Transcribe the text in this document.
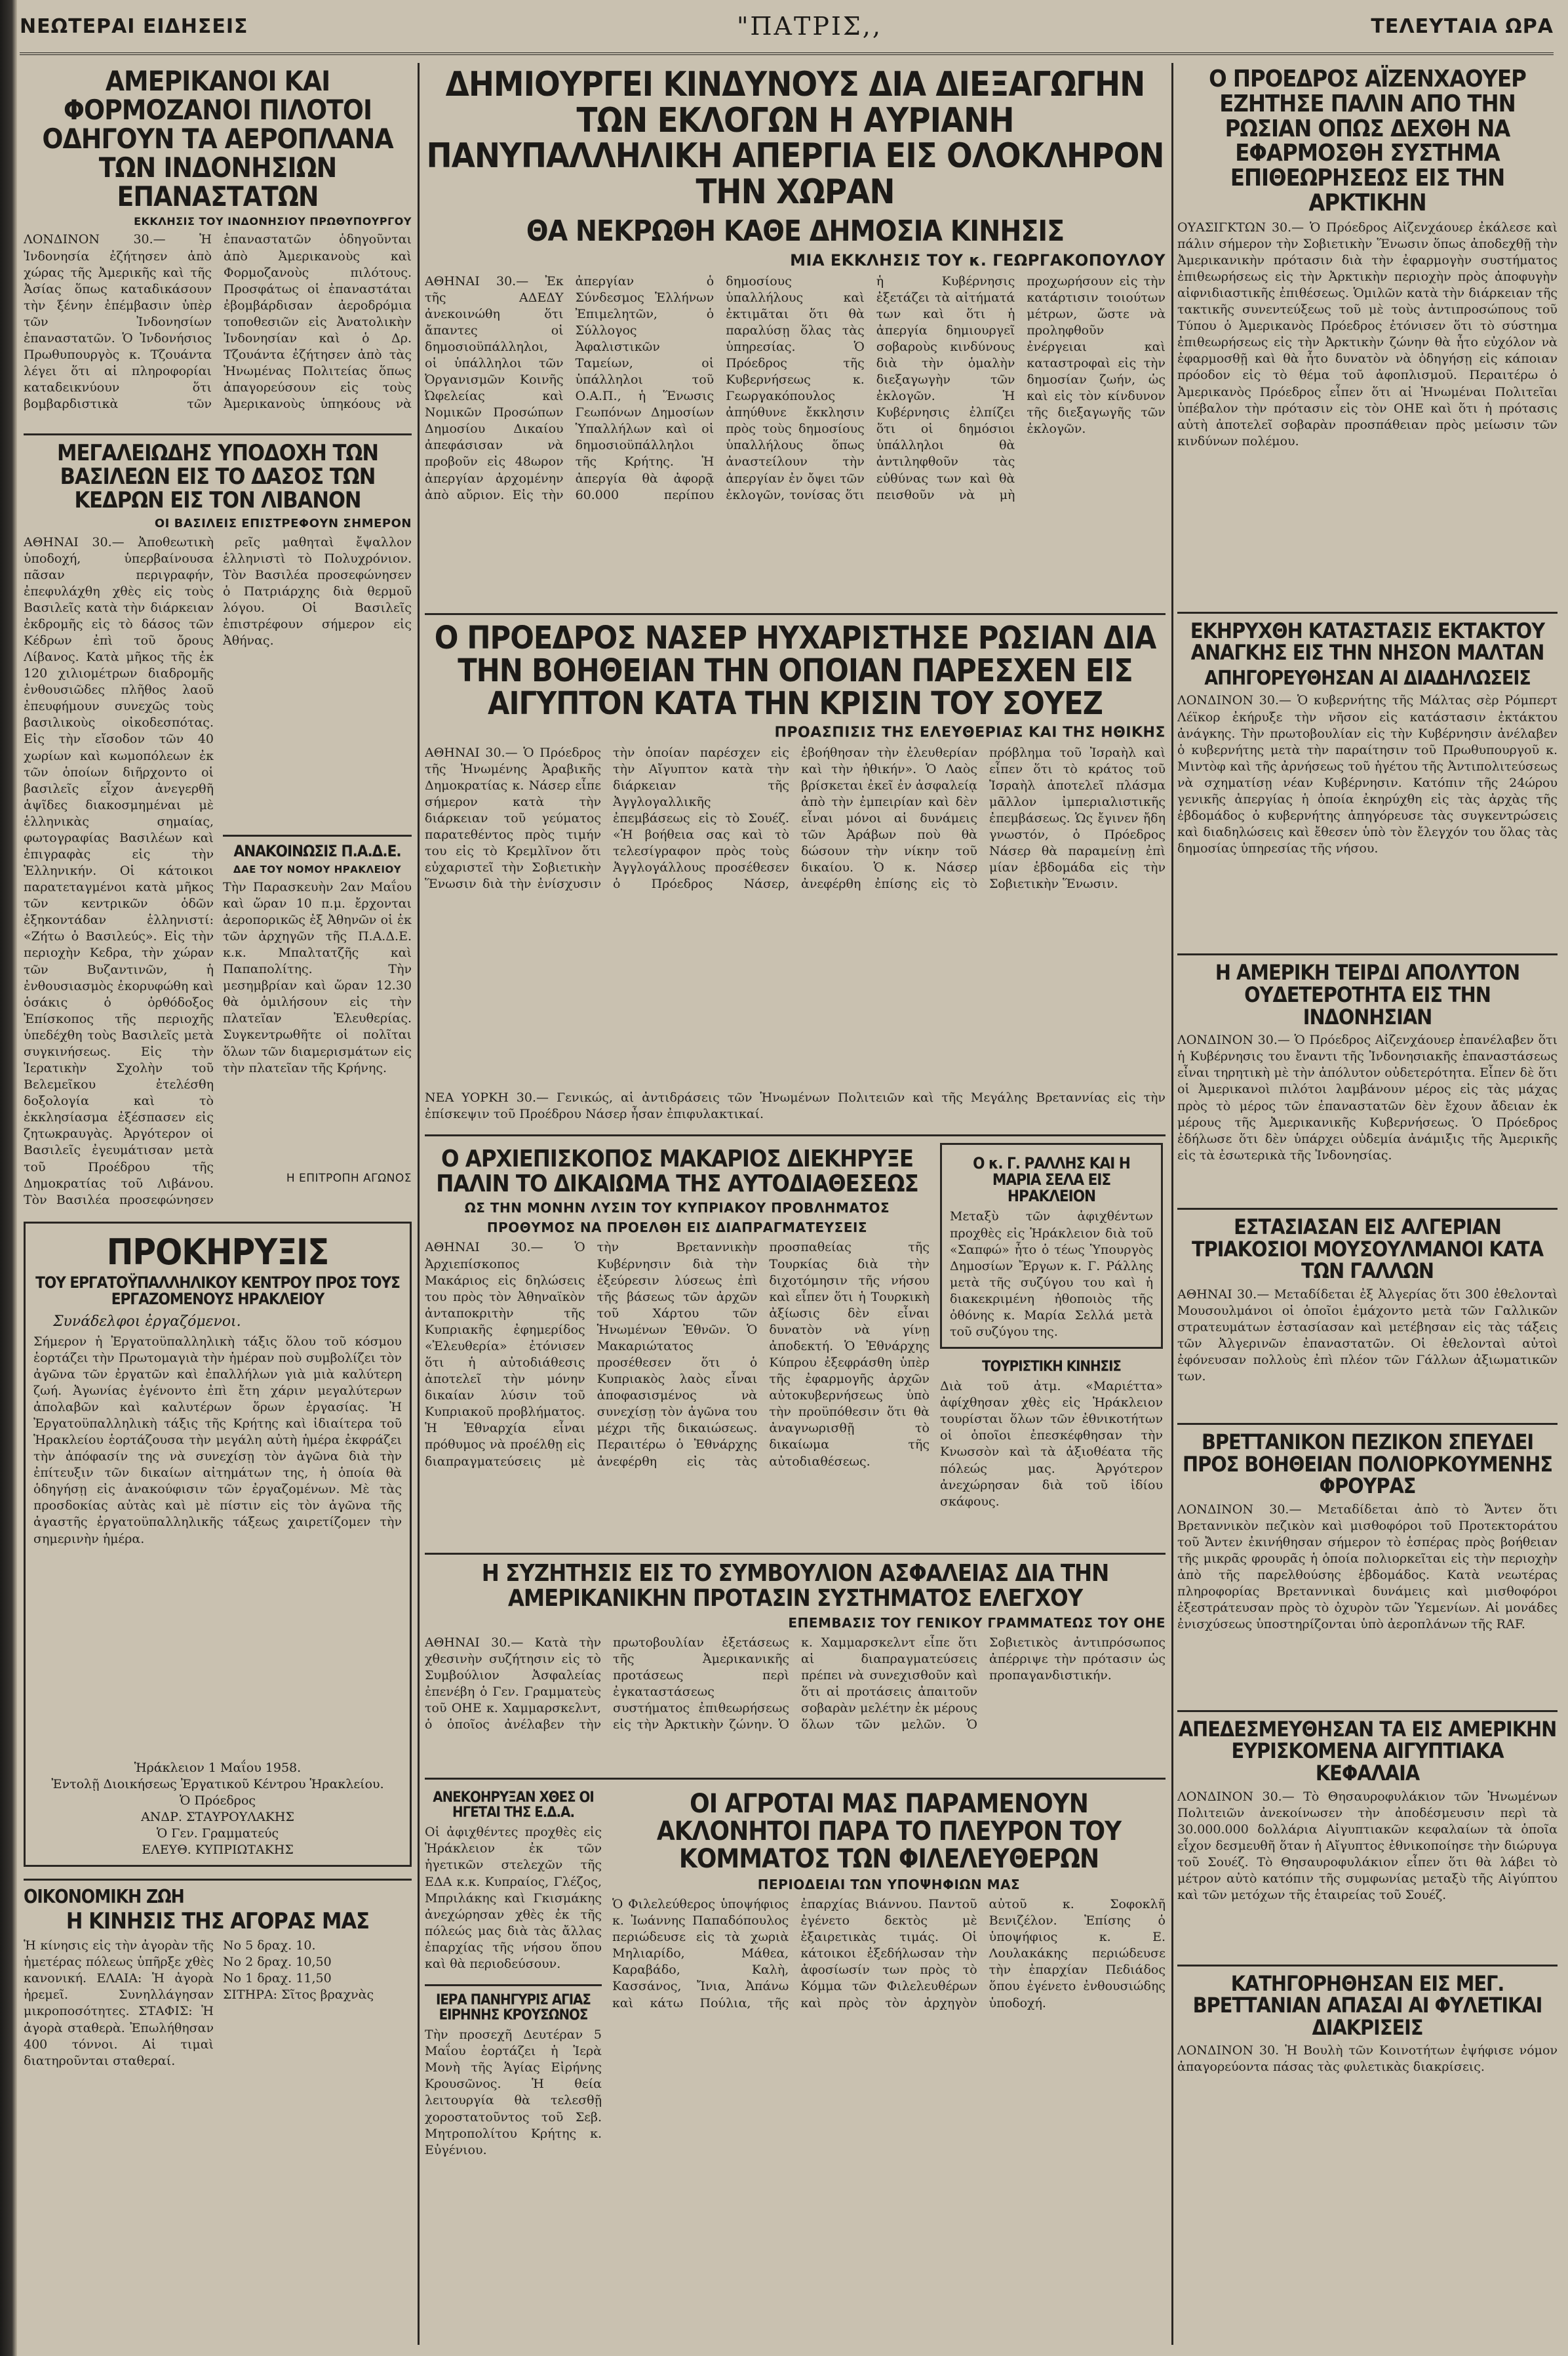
ΝΕΩΤΕΡΑΙ ΕΙΔΗΣΕΙΣ	"ΠΑΤΡΙΣ,,	ΤΕΛΕΥΤΑΙΑ ΩΡΑ
ΑΜΕΡΙΚΑΝΟΙ ΚΑΙ ΦΟΡΜΟΖΑΝΟΙ ΠΙΛΟΤΟΙ ΟΔΗΓΟΥΝ ΤΑ ΑΕΡΟΠΛΑΝΑ ΤΩΝ ΙΝΔΟΝΗΣΙΩΝ ΕΠΑΝΑΣΤΑΤΩΝ
ΕΚΚΛΗΣΙΣ ΤΟΥ ΙΝΔΟΝΗΣΙΟΥ ΠΡΩΘΥΠΟΥΡΓΟΥ
ΛΟΝΔΙΝΟΝ 30.— Ἡ Ἰνδονησία ἐζήτησεν ἀπὸ χώρας τῆς Ἀμερικῆς καὶ τῆς Ἀσίας ὅπως καταδικάσουν τὴν ξένην ἐπέμβασιν ὑπὲρ τῶν Ἰνδονησίων ἐπαναστατῶν. Ὁ Ἰνδονήσιος Πρωθυπουργὸς κ. Τζουάντα λέγει ὅτι αἱ πληροφορίαι καταδεικνύουν ὅτι βομβαρδιστικὰ τῶν ἐπαναστατῶν ὁδηγοῦνται ἀπὸ Ἀμερικανοὺς καὶ Φορμοζανοὺς πιλότους. Προσφάτως οἱ ἐπαναστάται ἐβομβάρδισαν ἀεροδρόμια τοποθεσιῶν εἰς Ἀνατολικὴν Ἰνδονησίαν καὶ ὁ Δρ. Τζουάντα ἐζήτησεν ἀπὸ τὰς Ἡνωμένας Πολιτείας ὅπως ἀπαγορεύσουν εἰς τοὺς Ἀμερικανοὺς ὑπηκόους νὰ
ΜΕΓΑΛΕΙΩΔΗΣ ΥΠΟΔΟΧΗ ΤΩΝ ΒΑΣΙΛΕΩΝ ΕΙΣ ΤΟ ΔΑΣΟΣ ΤΩΝ ΚΕΔΡΩΝ ΕΙΣ ΤΟΝ ΛΙΒΑΝΟΝ
ΟΙ ΒΑΣΙΛΕΙΣ ΕΠΙΣΤΡΕΦΟΥΝ ΣΗΜΕΡΟΝ
ΑΘΗΝΑΙ 30.— Ἀποθεωτικὴ ὑποδοχή, ὑπερβαίνουσα πᾶσαν περιγραφήν, ἐπεφυλάχθη χθὲς εἰς τοὺς Βασιλεῖς κατὰ τὴν διάρκειαν ἐκδρομῆς εἰς τὸ δάσος τῶν Κέδρων ἐπὶ τοῦ ὄρους Λίβανος. Κατὰ μῆκος τῆς ἐκ 120 χιλιομέτρων διαδρομῆς ἐνθουσιῶδες πλῆθος λαοῦ ἐπευφήμουν συνεχῶς τοὺς βασιλικοὺς οἰκοδεσπότας. Εἰς τὴν εἴσοδον τῶν 40 χωρίων καὶ κωμοπόλεων ἐκ τῶν ὁποίων διῆρχοντο οἱ βασιλεῖς εἶχον ἀνεγερθῆ ἁψῖδες διακοσμημέναι μὲ ἑλληνικὰς σημαίας, φωτογραφίας Βασιλέων καὶ ἐπιγραφὰς εἰς τὴν Ἑλληνικήν. Οἱ κάτοικοι παρατεταγμένοι κατὰ μῆκος τῶν κεντρικῶν ὁδῶν ἐξηκοντάδαν ἑλληνιστί: «Ζήτω ὁ Βασιλεύς». Εἰς τὴν περιοχὴν Κεδρα, τὴν χώραν τῶν Βυζαντινῶν, ἡ ἐνθουσιασμὸς ἐκορυφώθη καὶ ὁσάκις ὁ ὀρθόδοξος Ἐπίσκοπος τῆς περιοχῆς ὑπεδέχθη τοὺς Βασιλεῖς μετὰ συγκινήσεως. Εἰς τὴν Ἱερατικὴν Σχολὴν τοῦ Βελεμεῖκου ἐτελέσθη δοξολογία καὶ τὸ ἐκκλησίασμα ἐξέσπασεν εἰς ζητωκραυγὰς. Ἀργότερον οἱ Βασιλεῖς ἐγευμάτισαν μετὰ τοῦ Προέδρου τῆς Δημοκρατίας τοῦ Λιβάνου. Τὸν Βασιλέα προσεφώνησεν

ρεῖς μαθηταὶ ἔψαλλον ἑλληνιστὶ τὸ Πολυχρόνιον. Τὸν Βασιλέα προσεφώνησεν ὁ Πατριάρχης διὰ θερμοῦ λόγου. Οἱ Βασιλεῖς ἐπιστρέφουν σήμερον εἰς Ἀθήνας.

ΑΝΑΚΟΙΝΩΣΙΣ Π.Α.Δ.Ε.
ΔΑΕ ΤΟΥ ΝΟΜΟΥ ΗΡΑΚΛΕΙΟΥ
Τὴν Παρασκευὴν 2αν Μαΐου καὶ ὥραν 10 π.μ. ἔρχονται ἀεροπορικῶς ἐξ Ἀθηνῶν οἱ ἐκ τῶν ἀρχηγῶν τῆς Π.Α.Δ.Ε. κ.κ. Μπαλτατζῆς καὶ Παπαπολίτης. Τὴν μεσημβρίαν καὶ ὥραν 12.30 θὰ ὁμιλήσουν εἰς τὴν πλατεῖαν Ἐλευθερίας. Συγκεντρωθῆτε οἱ πολῖται ὅλων τῶν διαμερισμάτων εἰς τὴν πλατεῖαν τῆς Κρήνης.
Η ΕΠΙΤΡΟΠΗ ΑΓΩΝΟΣ
ΠΡΟΚΗΡΥΞΙΣ
ΤΟΥ ΕΡΓΑΤΟΫΠΑΛΛΗΛΙΚΟΥ ΚΕΝΤΡΟΥ ΠΡΟΣ ΤΟΥΣ ΕΡΓΑΖΟΜΕΝΟΥΣ ΗΡΑΚΛΕΙΟΥ
Συνάδελφοι ἐργαζόμενοι.
Σήμερον ἡ Ἐργατοϋπαλληλικὴ τάξις ὅλου τοῦ κόσμου ἑορτάζει τὴν Πρωτομαγιὰ τὴν ἡμέραν ποὺ συμβολίζει τὸν ἀγῶνα τῶν ἐργατῶν καὶ ἐπαλλήλων γιὰ μιὰ καλύτερη ζωή. Ἀγωνίας ἐγένοντο ἐπὶ ἔτη χάριν μεγαλύτερων ἀπολαβῶν καὶ καλυτέρων ὅρων ἐργασίας. Ἡ Ἐργατοϋπαλληλικὴ τάξις τῆς Κρήτης καὶ ἰδιαίτερα τοῦ Ἡρακλείου ἑορτάζουσα τὴν μεγάλη αὐτὴ ἡμέρα ἐκφράζει τὴν ἀπόφασίν της νὰ συνεχίσῃ τὸν ἀγῶνα διὰ τὴν ἐπίτευξιν τῶν δικαίων αἰτημάτων της, ἡ ὁποία θὰ ὁδηγήσῃ εἰς ἀνακούφισιν τῶν ἐργαζομένων. Μὲ τὰς προσδοκίας αὐτὰς καὶ μὲ πίστιν εἰς τὸν ἀγῶνα τῆς ἀγαστῆς ἐργατοϋπαλληλικῆς τάξεως χαιρετίζομεν τὴν σημερινὴν ἡμέρα.
Ἡράκλειον 1 Μαΐου 1958.
Ἐντολῇ Διοικήσεως Ἐργατικοῦ Κέντρου Ἡρακλείου.
Ὁ Πρόεδρος
ΑΝΔΡ. ΣΤΑΥΡΟΥΛΑΚΗΣ
Ὁ Γεν. Γραμματεύς
ΕΛΕΥΘ. ΚΥΠΡΙΩΤΑΚΗΣ
ΟΙΚΟΝΟΜΙΚΗ ΖΩΗ
Η ΚΙΝΗΣΙΣ ΤΗΣ ΑΓΟΡΑΣ ΜΑΣ
Ἡ κίνησις εἰς τὴν ἀγορὰν τῆς ἡμετέρας πόλεως ὑπῆρξε χθὲς κανονική. ΕΛΑΙΑ: Ἡ ἀγορὰ ἠρεμεῖ. Συνηλλάγησαν μικροποσότητες. ΣΤΑΦΙΣ: Ἡ ἀγορὰ σταθερὰ. Ἐπωλήθησαν 400 τόννοι. Αἱ τιμαὶ διατηροῦνται σταθεραί.
Νο 5 δραχ. 10.
Νο 2 δραχ. 10,50
Νο 1 δραχ. 11,50
ΣΙΤΗΡΑ: Σῖτος βραχνὰς
ΔΗΜΙΟΥΡΓΕΙ ΚΙΝΔΥΝΟΥΣ ΔΙΑ ΔΙΕΞΑΓΩΓΗΝ ΤΩΝ ΕΚΛΟΓΩΝ Η ΑΥΡΙΑΝΗ ΠΑΝΥΠΑΛΛΗΛΙΚΗ ΑΠΕΡΓΙΑ ΕΙΣ ΟΛΟΚΛΗΡΟΝ ΤΗΝ ΧΩΡΑΝ
ΘΑ ΝΕΚΡΩΘΗ ΚΑΘΕ ΔΗΜΟΣΙΑ ΚΙΝΗΣΙΣ
ΜΙΑ ΕΚΚΛΗΣΙΣ ΤΟΥ κ. ΓΕΩΡΓΑΚΟΠΟΥΛΟΥ
ΑΘΗΝΑΙ 30.— Ἐκ τῆς ΑΔΕΔΥ ἀνεκοινώθη ὅτι ἄπαντες οἱ δημοσιοϋπάλληλοι, οἱ ὑπάλληλοι τῶν Ὀργανισμῶν Κοινῆς Ὠφελείας καὶ Νομικῶν Προσώπων Δημοσίου Δικαίου ἀπεφάσισαν νὰ προβοῦν εἰς 48ωρον ἀπεργίαν ἀρχομένην ἀπὸ αὔριον. Εἰς τὴν ἀπεργίαν ὁ Σύνδεσμος Ἑλλήνων Ἐπιμελητῶν, ὁ Σύλλογος Ἀφαλιστικῶν Ταμείων, οἱ ὑπάλληλοι τοῦ Ο.Α.Π., ἡ Ἕνωσις Γεωπόνων Δημοσίων Ὑπαλλήλων καὶ οἱ δημοσιοϋπάλληλοι τῆς Κρήτης. Ἡ ἀπεργία θὰ ἀφορᾷ 60.000 περίπου δημοσίους ὑπαλλήλους καὶ ἐκτιμᾶται ὅτι θὰ παραλύσῃ ὅλας τὰς ὑπηρεσίας. Ὁ Πρόεδρος τῆς Κυβερνήσεως κ. Γεωργακόπουλος ἀπηύθυνε ἔκκλησιν πρὸς τοὺς δημοσίους ὑπαλλήλους ὅπως ἀναστείλουν τὴν ἀπεργίαν ἐν ὄψει τῶν ἐκλογῶν, τονίσας ὅτι ἡ Κυβέρνησις ἐξετάζει τὰ αἰτήματά των καὶ ὅτι ἡ ἀπεργία δημιουργεῖ σοβαροὺς κινδύνους διὰ τὴν ὁμαλὴν διεξαγωγὴν τῶν ἐκλογῶν. Ἡ Κυβέρνησις ἐλπίζει ὅτι οἱ δημόσιοι ὑπάλληλοι θὰ ἀντιληφθοῦν τὰς εὐθύνας των καὶ θὰ πεισθοῦν νὰ μὴ προχωρήσουν εἰς τὴν κατάρτισιν τοιούτων μέτρων, ὥστε νὰ προληφθοῦν ἐνέργειαι καὶ καταστροφαὶ εἰς τὴν δημοσίαν ζωήν, ὡς καὶ εἰς τὸν κίνδυνον τῆς διεξαγωγῆς τῶν ἐκλογῶν.
Ο ΠΡΟΕΔΡΟΣ ΝΑΣΕΡ ΗΥΧΑΡΙΣΤΗΣΕ ΡΩΣΙΑΝ ΔΙΑ ΤΗΝ ΒΟΗΘΕΙΑΝ ΤΗΝ ΟΠΟΙΑΝ ΠΑΡΕΣΧΕΝ ΕΙΣ ΑΙΓΥΠΤΟΝ ΚΑΤΑ ΤΗΝ ΚΡΙΣΙΝ ΤΟΥ ΣΟΥΕΖ
ΠΡΟΑΣΠΙΣΙΣ ΤΗΣ ΕΛΕΥΘΕΡΙΑΣ ΚΑΙ ΤΗΣ ΗΘΙΚΗΣ
ΑΘΗΝΑΙ 30.— Ὁ Πρόεδρος τῆς Ἡνωμένης Ἀραβικῆς Δημοκρατίας κ. Νάσερ εἶπε σήμερον κατὰ τὴν διάρκειαν τοῦ γεύματος παρατεθέντος πρὸς τιμήν του εἰς τὸ Κρεμλῖνον ὅτι εὐχαριστεῖ τὴν Σοβιετικὴν Ἕνωσιν διὰ τὴν ἐνίσχυσιν τὴν ὁποίαν παρέσχεν εἰς τὴν Αἴγυπτον κατὰ τὴν διάρκειαν τῆς Ἀγγλογαλλικῆς ἐπεμβάσεως εἰς τὸ Σουέζ. «Ἡ βοήθεια σας καὶ τὸ τελεσίγραφον πρὸς τοὺς Ἀγγλογάλλους προσέθεσεν ὁ Πρόεδρος Νάσερ, ἐβοήθησαν τὴν ἐλευθερίαν καὶ τὴν ἠθικήν». Ὁ Λαὸς βρίσκεται ἐκεῖ ἐν ἀσφαλείᾳ ἀπὸ τὴν ἐμπειρίαν καὶ δὲν εἶναι μόνοι αἱ δυνάμεις τῶν Ἀράβων ποὺ θὰ δώσουν τὴν νίκην τοῦ δικαίου. Ὁ κ. Νάσερ ἀνεφέρθη ἐπίσης εἰς τὸ πρόβλημα τοῦ Ἰσραὴλ καὶ εἶπεν ὅτι τὸ κράτος τοῦ Ἰσραὴλ ἀποτελεῖ πλάσμα μᾶλλον ἰμπεριαλιστικῆς ἐπεμβάσεως. Ὡς ἔγινεν ἤδη γνωστόν, ὁ Πρόεδρος Νάσερ θὰ παραμείνῃ ἐπὶ μίαν ἑβδομάδα εἰς τὴν Σοβιετικὴν Ἕνωσιν.
ΝΕΑ ΥΟΡΚΗ 30.— Γενικώς, αἱ ἀντιδράσεις τῶν Ἡνωμένων Πολιτειῶν καὶ τῆς Μεγάλης Βρεταννίας εἰς τὴν ἐπίσκεψιν τοῦ Προέδρου Νάσερ ἦσαν ἐπιφυλακτικαί.
Ο ΑΡΧΙΕΠΙΣΚΟΠΟΣ ΜΑΚΑΡΙΟΣ ΔΙΕΚΗΡΥΞΕ ΠΑΛΙΝ ΤΟ ΔΙΚΑΙΩΜΑ ΤΗΣ ΑΥΤΟΔΙΑΘΕΣΕΩΣ
ΩΣ ΤΗΝ ΜΟΝΗΝ ΛΥΣΙΝ ΤΟΥ ΚΥΠΡΙΑΚΟΥ ΠΡΟΒΛΗΜΑΤΟΣ
ΠΡΟΘΥΜΟΣ ΝΑ ΠΡΟΕΛΘΗ ΕΙΣ ΔΙΑΠΡΑΓΜΑΤΕΥΣΕΙΣ
ΑΘΗΝΑΙ 30.— Ὁ Ἀρχιεπίσκοπος Μακάριος εἰς δηλώσεις του πρὸς τὸν Ἀθηναϊκὸν ἀνταποκριτὴν τῆς Κυπριακῆς ἐφημερίδος «Ἐλευθερία» ἐτόνισεν ὅτι ἡ αὐτοδιάθεσις ἀποτελεῖ τὴν μόνην δικαίαν λύσιν τοῦ Κυπριακοῦ προβλήματος. Ἡ Ἐθναρχία εἶναι πρόθυμος νὰ προέλθῃ εἰς διαπραγματεύσεις μὲ τὴν Βρεταννικὴν Κυβέρνησιν διὰ τὴν ἐξεύρεσιν λύσεως ἐπὶ τῆς βάσεως τῶν ἀρχῶν τοῦ Χάρτου τῶν Ἡνωμένων Ἐθνῶν. Ὁ Μακαριώτατος προσέθεσεν ὅτι ὁ Κυπριακὸς λαὸς εἶναι ἀποφασισμένος νὰ συνεχίσῃ τὸν ἀγῶνα του μέχρι τῆς δικαιώσεως. Περαιτέρω ὁ Ἐθνάρχης ἀνεφέρθη εἰς τὰς προσπαθείας τῆς Τουρκίας διὰ τὴν διχοτόμησιν τῆς νήσου καὶ εἶπεν ὅτι ἡ Τουρκικὴ ἀξίωσις δὲν εἶναι δυνατὸν νὰ γίνῃ ἀποδεκτή. Ὁ Ἐθνάρχης Κύπρου ἐξεφράσθη ὑπὲρ τῆς ἐφαρμογῆς ἀρχῶν αὐτοκυβερνήσεως ὑπὸ τὴν προϋπόθεσιν ὅτι θὰ ἀναγνωρισθῇ τὸ δικαίωμα τῆς αὐτοδιαθέσεως.
Ο κ. Γ. ΡΑΛΛΗΣ ΚΑΙ Η ΜΑΡΙΑ ΣΕΛΑ ΕΙΣ ΗΡΑΚΛΕΙΟΝ
Μεταξὺ τῶν ἀφιχθέντων προχθὲς εἰς Ἡράκλειον διὰ τοῦ «Σαπφώ» ἦτο ὁ τέως Ὑπουργὸς Δημοσίων Ἔργων κ. Γ. Ράλλης μετὰ τῆς συζύγου του καὶ ἡ διακεκριμένη ἠθοποιὸς τῆς ὀθόνης κ. Μαρία Σελλά μετὰ τοῦ συζύγου της.
ΤΟΥΡΙΣΤΙΚΗ ΚΙΝΗΣΙΣ
Διὰ τοῦ ἀτμ. «Μαριέττα» ἀφίχθησαν χθὲς εἰς Ἡράκλειον τουρίσται ὅλων τῶν ἐθνικοτήτων οἱ ὁποῖοι ἐπεσκέφθησαν τὴν Κνωσσὸν καὶ τὰ ἀξιοθέατα τῆς πόλεώς μας. Ἀργότερον ἀνεχώρησαν διὰ τοῦ ἰδίου σκάφους.
Η ΣΥΖΗΤΗΣΙΣ ΕΙΣ ΤΟ ΣΥΜΒΟΥΛΙΟΝ ΑΣΦΑΛΕΙΑΣ ΔΙΑ ΤΗΝ ΑΜΕΡΙΚΑΝΙΚΗΝ ΠΡΟΤΑΣΙΝ ΣΥΣΤΗΜΑΤΟΣ ΕΛΕΓΧΟΥ
ΕΠΕΜΒΑΣΙΣ ΤΟΥ ΓΕΝΙΚΟΥ ΓΡΑΜΜΑΤΕΩΣ ΤΟΥ ΟΗΕ
ΑΘΗΝΑΙ 30.— Κατὰ τὴν χθεσινὴν συζήτησιν εἰς τὸ Συμβούλιον Ἀσφαλείας ἐπενέβη ὁ Γεν. Γραμματεὺς τοῦ ΟΗΕ κ. Χαμμαρσκελντ, ὁ ὁποῖος ἀνέλαβεν τὴν πρωτοβουλίαν ἐξετάσεως τῆς Ἀμερικανικῆς προτάσεως περὶ ἐγκαταστάσεως συστήματος ἐπιθεωρήσεως εἰς τὴν Ἀρκτικὴν ζώνην. Ὁ κ. Χαμμαρσκελντ εἶπε ὅτι αἱ διαπραγματεύσεις πρέπει νὰ συνεχισθοῦν καὶ ὅτι αἱ προτάσεις ἀπαιτοῦν σοβαρὰν μελέτην ἐκ μέρους ὅλων τῶν μελῶν. Ὁ Σοβιετικὸς ἀντιπρόσωπος ἀπέρριψε τὴν πρότασιν ὡς προπαγανδιστικήν.
ΑΝΕΚΟΗΡΥΞΑΝ ΧΘΕΣ ΟΙ ΗΓΕΤΑΙ ΤΗΣ Ε.Δ.Α.
Οἱ ἀφιχθέντες προχθὲς εἰς Ἡράκλειον ἐκ τῶν ἡγετικῶν στελεχῶν τῆς ΕΔΑ κ.κ. Κυπραίος, Γλέζος, Μπριλάκης καὶ Γκισμάκης ἀνεχώρησαν χθὲς ἐκ τῆς πόλεώς μας διὰ τὰς ἄλλας ἐπαρχίας τῆς νήσου ὅπου καὶ θὰ περιοδεύσουν.
ΙΕΡΑ ΠΑΝΗΓΥΡΙΣ ΑΓΙΑΣ ΕΙΡΗΝΗΣ ΚΡΟΥΣΩΝΟΣ
Τὴν προσεχῆ Δευτέραν 5 Μαΐου ἑορτάζει ἡ Ἱερὰ Μονὴ τῆς Ἁγίας Εἰρήνης Κρουσῶνος. Ἡ θεία λειτουργία θὰ τελεσθῇ χοροστατοῦντος τοῦ Σεβ. Μητροπολίτου Κρήτης κ. Εὐγένιου.
ΟΙ ΑΓΡΟΤΑΙ ΜΑΣ ΠΑΡΑΜΕΝΟΥΝ ΑΚΛΟΝΗΤΟΙ ΠΑΡΑ ΤΟ ΠΛΕΥΡΟΝ ΤΟΥ ΚΟΜΜΑΤΟΣ ΤΩΝ ΦΙΛΕΛΕΥΘΕΡΩΝ
ΠΕΡΙΟΔΕΙΑΙ ΤΩΝ ΥΠΟΨΗΦΙΩΝ ΜΑΣ
Ὁ Φιλελεύθερος ὑποψήφιος κ. Ἰωάννης Παπαδόπουλος περιώδευσε εἰς τὰ χωριὰ Μηλιαρίδο, Μάθεα, Καραβάδο, Καλὴ, Κασσάνος, Ἴνια, Ἀπάνω καὶ κάτω Πούλια, τῆς ἐπαρχίας Βιάννου. Παντοῦ ἐγένετο δεκτὸς μὲ ἐξαιρετικὰς τιμάς. Οἱ κάτοικοι ἐξεδήλωσαν τὴν ἀφοσίωσίν των πρὸς τὸ Κόμμα τῶν Φιλελευθέρων καὶ πρὸς τὸν ἀρχηγὸν αὐτοῦ κ. Σοφοκλῆ Βενιζέλον. Ἐπίσης ὁ ὑποψήφιος κ. Ε. Λουλακάκης περιώδευσε τὴν ἐπαρχίαν Πεδιάδος ὅπου ἐγένετο ἐνθουσιώδης ὑποδοχή.
Ο ΠΡΟΕΔΡΟΣ ΑΪΖΕΝΧΑΟΥΕΡ ΕΖΗΤΗΣΕ ΠΑΛΙΝ ΑΠΟ ΤΗΝ ΡΩΣΙΑΝ ΟΠΩΣ ΔΕΧΘΗ ΝΑ ΕΦΑΡΜΟΣΘΗ ΣΥΣΤΗΜΑ ΕΠΙΘΕΩΡΗΣΕΩΣ ΕΙΣ ΤΗΝ ΑΡΚΤΙΚΗΝ
ΟΥΑΣΙΓΚΤΩΝ 30.— Ὁ Πρόεδρος Αἰζενχάουερ ἐκάλεσε καὶ πάλιν σήμερον τὴν Σοβιετικὴν Ἕνωσιν ὅπως ἀποδεχθῇ τὴν Ἀμερικανικὴν πρότασιν διὰ τὴν ἐφαρμογὴν συστήματος ἐπιθεωρήσεως εἰς τὴν Ἀρκτικὴν περιοχὴν πρὸς ἀποφυγὴν αἰφνιδιαστικῆς ἐπιθέσεως. Ὁμιλῶν κατὰ τὴν διάρκειαν τῆς τακτικῆς συνεντεύξεως τοῦ μὲ τοὺς ἀντιπροσώπους τοῦ Τύπου ὁ Ἀμερικανὸς Πρόεδρος ἐτόνισεν ὅτι τὸ σύστημα ἐπιθεωρήσεως εἰς τὴν Ἀρκτικὴν ζώνην θὰ ἦτο εὐχόλον νὰ ἐφαρμοσθῇ καὶ θὰ ἦτο δυνατὸν νὰ ὁδηγήσῃ εἰς κάποιαν πρόοδον εἰς τὸ θέμα τοῦ ἀφοπλισμοῦ. Περαιτέρω ὁ Ἀμερικανὸς Πρόεδρος εἶπεν ὅτι αἱ Ἡνωμέναι Πολιτεῖαι ὑπέβαλον τὴν πρότασιν εἰς τὸν ΟΗΕ καὶ ὅτι ἡ πρότασις αὐτὴ ἀποτελεῖ σοβαρὰν προσπάθειαν πρὸς μείωσιν τῶν κινδύνων πολέμου.
ΕΚΗΡΥΧΘΗ ΚΑΤΑΣΤΑΣΙΣ ΕΚΤΑΚΤΟΥ ΑΝΑΓΚΗΣ ΕΙΣ ΤΗΝ ΝΗΣΟΝ ΜΑΛΤΑΝ
ΑΠΗΓΟΡΕΥΘΗΣΑΝ ΑΙ ΔΙΑΔΗΛΩΣΕΙΣ
ΛΟΝΔΙΝΟΝ 30.— Ὁ κυβερνήτης τῆς Μάλτας σὲρ Ρόμπερτ Λέϊκορ ἐκήρυξε τὴν νῆσον εἰς κατάστασιν ἐκτάκτου ἀνάγκης. Τὴν πρωτοβουλίαν εἰς τὴν Κυβέρνησιν ἀνέλαβεν ὁ κυβερνήτης μετὰ τὴν παραίτησιν τοῦ Πρωθυπουργοῦ κ. Μιντὸφ καὶ τῆς ἀρνήσεως τοῦ ἡγέτου τῆς Ἀντιπολιτεύσεως νὰ σχηματίσῃ νέαν Κυβέρνησιν. Κατόπιν τῆς 24ώρου γενικῆς ἀπεργίας ἡ ὁποία ἐκηρύχθη εἰς τὰς ἀρχὰς τῆς ἑβδομάδος ὁ κυβερνήτης ἀπηγόρευσε τὰς συγκεντρώσεις καὶ διαδηλώσεις καὶ ἔθεσεν ὑπὸ τὸν ἔλεγχόν του ὅλας τὰς δημοσίας ὑπηρεσίας τῆς νήσου.
Η ΑΜΕΡΙΚΗ ΤΕΙΡΔΙ ΑΠΟΛΥΤΟΝ ΟΥΔΕΤΕΡΟΤΗΤΑ ΕΙΣ ΤΗΝ ΙΝΔΟΝΗΣΙΑΝ
ΛΟΝΔΙΝΟΝ 30.— Ὁ Πρόεδρος Αἰζενχάουερ ἐπανέλαβεν ὅτι ἡ Κυβέρνησις του ἔναντι τῆς Ἰνδονησιακῆς ἐπαναστάσεως εἶναι τηρητικὴ μὲ τὴν ἀπόλυτον οὐδετερότητα. Εἶπεν δὲ ὅτι οἱ Ἀμερικανοὶ πιλότοι λαμβάνουν μέρος εἰς τὰς μάχας πρὸς τὸ μέρος τῶν ἐπαναστατῶν δὲν ἔχουν ἄδειαν ἐκ μέρους τῆς Ἀμερικανικῆς Κυβερνήσεως. Ὁ Πρόεδρος ἐδήλωσε ὅτι δὲν ὑπάρχει οὐδεμία ἀνάμιξις τῆς Ἀμερικῆς εἰς τὰ ἐσωτερικὰ τῆς Ἰνδονησίας.
ΕΣΤΑΣΙΑΣΑΝ ΕΙΣ ΑΛΓΕΡΙΑΝ ΤΡΙΑΚΟΣΙΟΙ ΜΟΥΣΟΥΛΜΑΝΟΙ ΚΑΤΑ ΤΩΝ ΓΑΛΛΩΝ
ΑΘΗΝΑΙ 30.— Μεταδίδεται ἐξ Ἀλγερίας ὅτι 300 ἐθελονταὶ Μουσουλμάνοι οἱ ὁποῖοι ἐμάχοντο μετὰ τῶν Γαλλικῶν στρατευμάτων ἐστασίασαν καὶ μετέβησαν εἰς τὰς τάξεις τῶν Ἀλγερινῶν ἐπαναστατῶν. Οἱ ἐθελονταὶ αὐτοὶ ἐφόνευσαν πολλοὺς ἐπὶ πλέον τῶν Γάλλων ἀξιωματικῶν των.
ΒΡΕΤΤΑΝΙΚΟΝ ΠΕΖΙΚΟΝ ΣΠΕΥΔΕΙ ΠΡΟΣ ΒΟΗΘΕΙΑΝ ΠΟΛΙΟΡΚΟΥΜΕΝΗΣ ΦΡΟΥΡΑΣ
ΛΟΝΔΙΝΟΝ 30.— Μεταδίδεται ἀπὸ τὸ Ἄντεν ὅτι Βρεταννικὸν πεζικὸν καὶ μισθοφόροι τοῦ Προτεκτοράτου τοῦ Ἄντεν ἐκινήθησαν σήμερον τὸ ἑσπέρας πρὸς βοήθειαν τῆς μικρᾶς φρουρᾶς ἡ ὁποία πολιορκεῖται εἰς τὴν περιοχὴν ἀπὸ τῆς παρελθούσης ἑβδομάδος. Κατὰ νεωτέρας πληροφορίας Βρεταννικαὶ δυνάμεις καὶ μισθοφόροι ἐξεστράτευσαν πρὸς τὸ ὀχυρὸν τῶν Ὑεμενίων. Αἱ μονάδες ἐνισχύσεως ὑποστηρίζονται ὑπὸ ἀεροπλάνων τῆς RAF.
ΑΠΕΔΕΣΜΕΥΘΗΣΑΝ ΤΑ ΕΙΣ ΑΜΕΡΙΚΗΝ ΕΥΡΙΣΚΟΜΕΝΑ ΑΙΓΥΠΤΙΑΚΑ ΚΕΦΑΛΑΙΑ
ΛΟΝΔΙΝΟΝ 30.— Τὸ Θησαυροφυλάκιον τῶν Ἡνωμένων Πολιτειῶν ἀνεκοίνωσεν τὴν ἀποδέσμευσιν περὶ τὰ 30.000.000 δολλάρια Αἰγυπτιακῶν κεφαλαίων τὰ ὁποῖα εἶχον δεσμευθῆ ὅταν ἡ Αἴγυπτος ἐθνικοποίησε τὴν διώρυγα τοῦ Σουέζ. Τὸ Θησαυροφυλάκιον εἶπεν ὅτι θὰ λάβει τὸ μέτρον αὐτὸ κατόπιν τῆς συμφωνίας μεταξὺ τῆς Αἰγύπτου καὶ τῶν μετόχων τῆς ἑταιρείας τοῦ Σουέζ.
ΚΑΤΗΓΟΡΗΘΗΣΑΝ ΕΙΣ ΜΕΓ. ΒΡΕΤΤΑΝΙΑΝ ΑΠΑΣΑΙ ΑΙ ΦΥΛΕΤΙΚΑΙ ΔΙΑΚΡΙΣΕΙΣ
ΛΟΝΔΙΝΟΝ 30. Ἡ Βουλὴ τῶν Κοινοτήτων ἐψήφισε νόμον ἀπαγορεύοντα πάσας τὰς φυλετικὰς διακρίσεις.
